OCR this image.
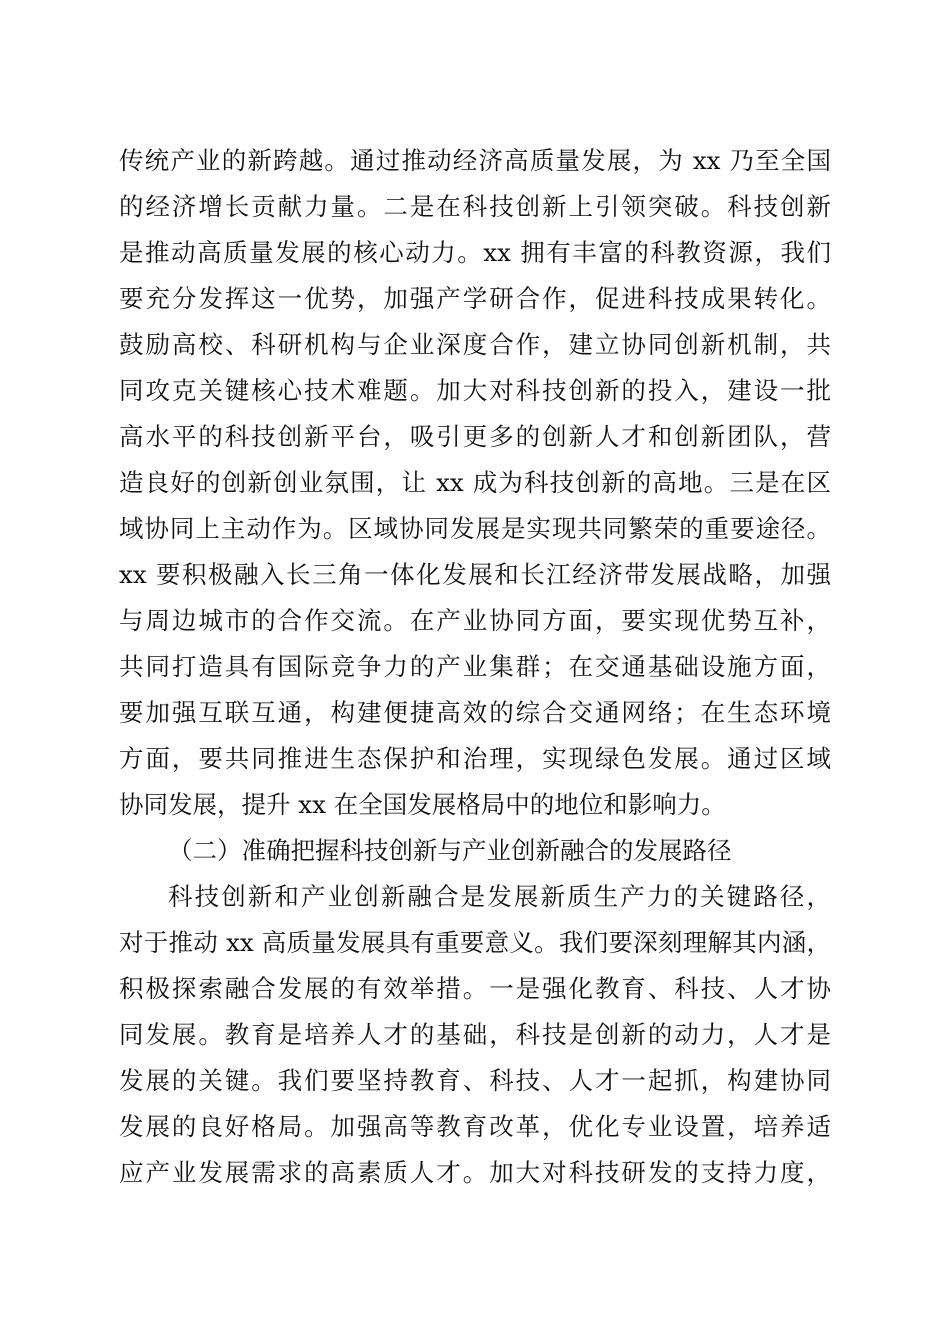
传统产业的新跨越。通过推动经济高质量发展，为 xx 乃至全国
的经济增长贡献力量。二是在科技创新上引领突破。科技创新
是推动高质量发展的核心动力。xx 拥有丰富的科教资源，我们
要充分发挥这一优势，加强产学研合作，促进科技成果转化。
鼓励高校、科研机构与企业深度合作，建立协同创新机制，共
同攻克关键核心技术难题。加大对科技创新的投入，建设一批
高水平的科技创新平台，吸引更多的创新人才和创新团队，营
造良好的创新创业氛围，让 xx 成为科技创新的高地。三是在区
域协同上主动作为。区域协同发展是实现共同繁荣的重要途径。
xx 要积极融入长三角一体化发展和长江经济带发展战略，加强
与周边城市的合作交流。在产业协同方面，要实现优势互补，
共同打造具有国际竞争力的产业集群；在交通基础设施方面，
要加强互联互通，构建便捷高效的综合交通网络；在生态环境
方面，要共同推进生态保护和治理，实现绿色发展。通过区域
协同发展，提升 xx 在全国发展格局中的地位和影响力。
（二）准确把握科技创新与产业创新融合的发展路径
科技创新和产业创新融合是发展新质生产力的关键路径，
对于推动 xx 高质量发展具有重要意义。我们要深刻理解其内涵，
积极探索融合发展的有效举措。一是强化教育、科技、人才协
同发展。教育是培养人才的基础，科技是创新的动力，人才是
发展的关键。我们要坚持教育、科技、人才一起抓，构建协同
发展的良好格局。加强高等教育改革，优化专业设置，培养适
应产业发展需求的高素质人才。加大对科技研发的支持力度，
